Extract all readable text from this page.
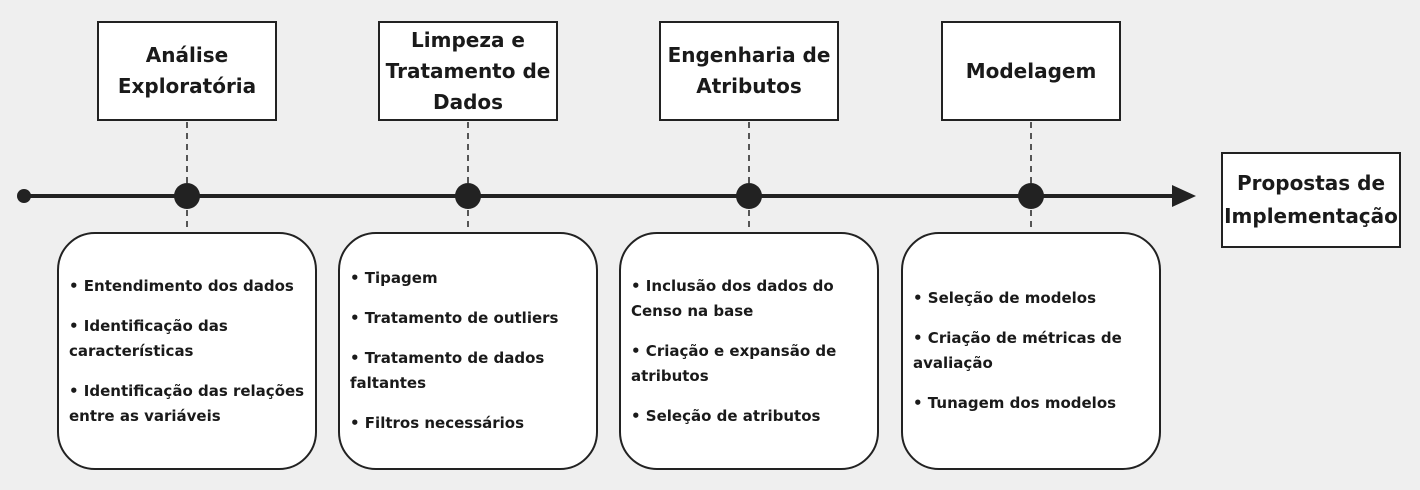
Análise Exploratória
Limpeza e Tratamento de Dados
Engenharia de Atributos
Modelagem

• Entendimento dos dados

• Identificação das características

• Identificação das relações entre as variáveis

• Tipagem

• Tratamento de outliers

• Tratamento de dados faltantes

• Filtros necessários

• Inclusão dos dados do Censo na base

• Criação e expansão de atributos

• Seleção de atributos

• Seleção de modelos

• Criação de métricas de avaliação

• Tunagem dos modelos

Propostas de Implementação
